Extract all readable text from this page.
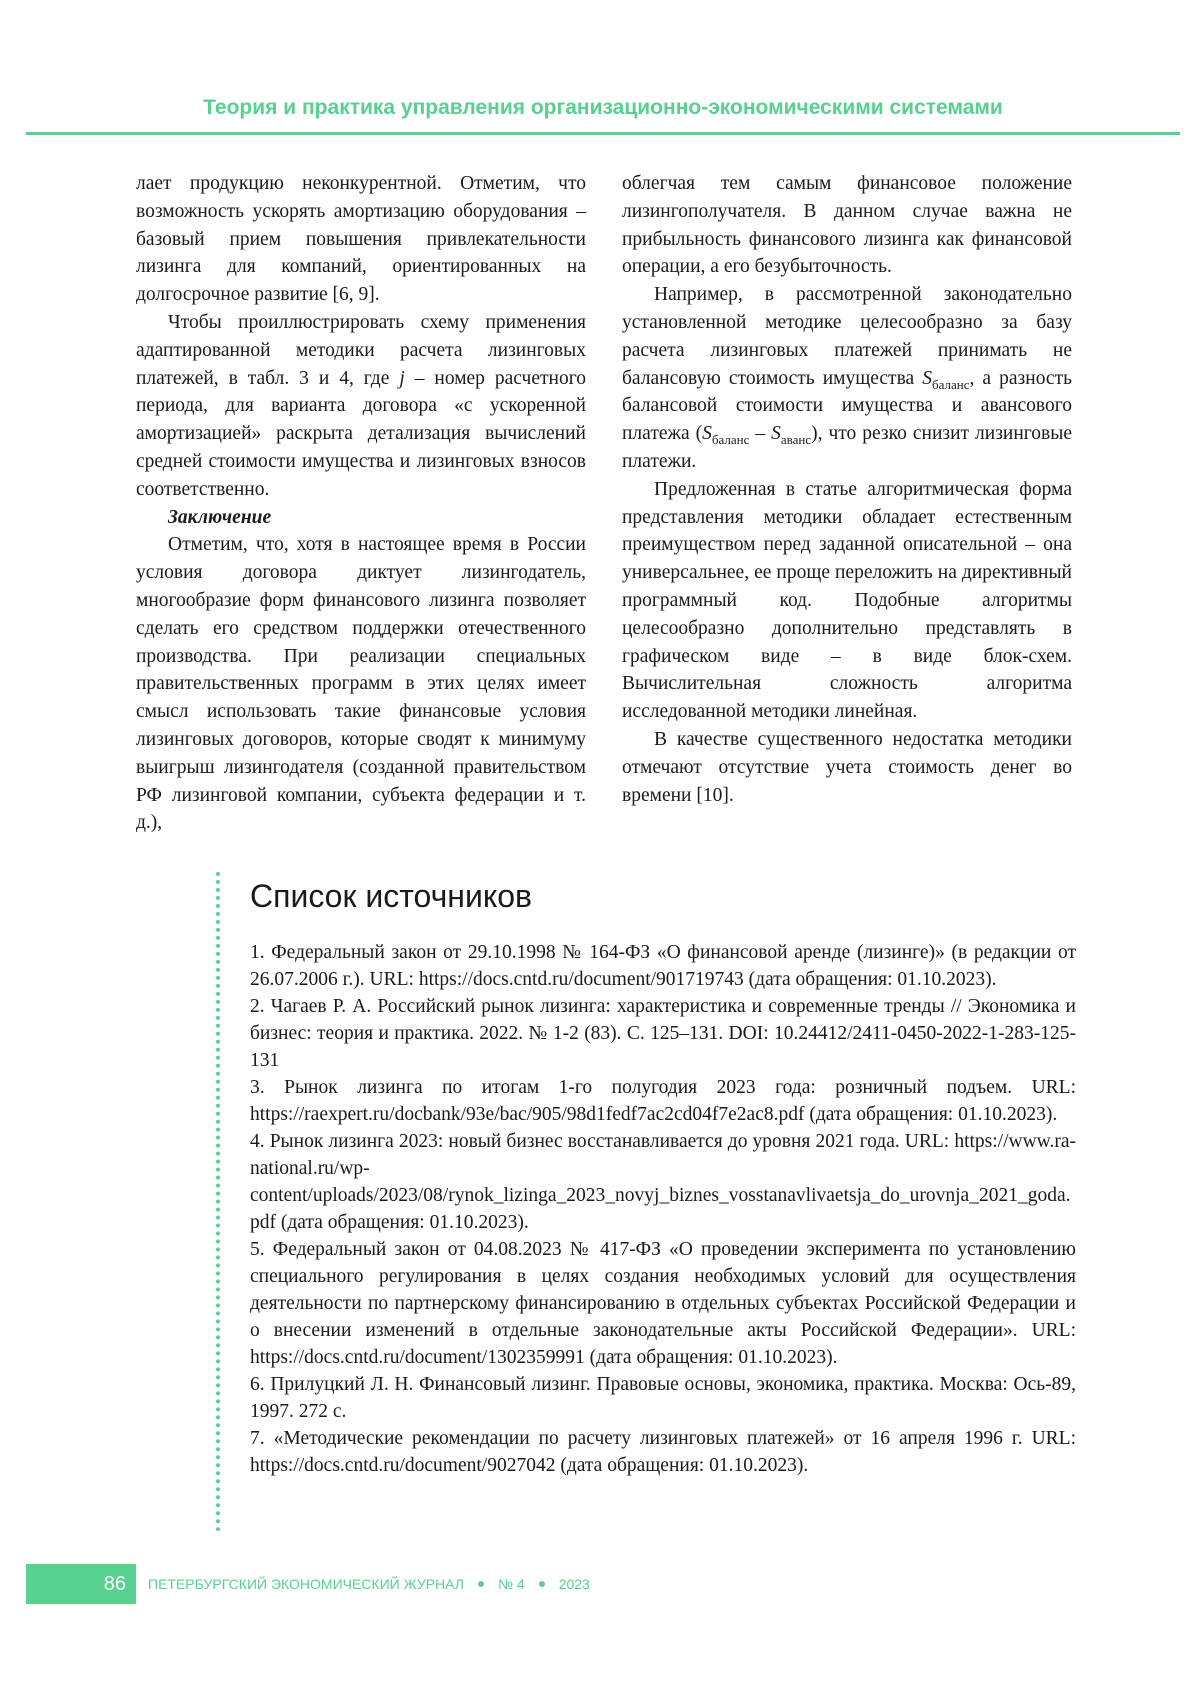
Теория и практика управления организационно-экономическими системами

лает продукцию неконкурентной. Отметим, что возможность ускорять амортизацию оборудования – базовый прием повышения привлекательности лизинга для компаний, ориентированных на долгосрочное развитие [6, 9].

Чтобы проиллюстрировать схему применения адаптированной методики расчета лизинговых платежей, в табл. 3 и 4, где j – номер расчетного периода, для варианта договора «с ускоренной амортизацией» раскрыта детализация вычислений средней стоимости имущества и лизинговых взносов соответственно.

Заключение

Отметим, что, хотя в настоящее время в России условия договора диктует лизингодатель, многообразие форм финансового лизинга позволяет сделать его средством поддержки отечественного производства. При реализации специальных правительственных программ в этих целях имеет смысл использовать такие финансовые условия лизинговых договоров, которые сводят к минимуму выигрыш лизингодателя (созданной правительством РФ лизинговой компании, субъекта федерации и т. д.),

облегчая тем самым финансовое положение лизингополучателя. В данном случае важна не прибыльность финансового лизинга как финансовой операции, а его безубыточность.

Например, в рассмотренной законодательно установленной методике целесообразно за базу расчета лизинговых платежей принимать не балансовую стоимость имущества $S_{баланс}$, а разность балансовой стоимости имущества и авансового платежа $(S_{баланс} - S_{аванс})$, что резко снизит лизинговые платежи.

Предложенная в статье алгоритмическая форма представления методики обладает естественным преимуществом перед заданной описательной – она универсальнее, ее проще переложить на директивный программный код. Подобные алгоритмы целесообразно дополнительно представлять в графическом виде – в виде блок-схем. Вычислительная сложность алгоритма исследованной методики линейная.

В качестве существенного недостатка методики отмечают отсутствие учета стоимость денег во времени [10].

Список источников

1. Федеральный закон от 29.10.1998 № 164-ФЗ «О финансовой аренде (лизинге)» (в редакции от 26.07.2006 г.). URL: https://docs.cntd.ru/document/901719743 (дата обращения: 01.10.2023).

2. Чагаев Р. А. Российский рынок лизинга: характеристика и современные тренды // Экономика и бизнес: теория и практика. 2022. № 1-2 (83). С. 125–131. DOI: 10.24412/2411-0450-2022-1-283-125-131

3. Рынок лизинга по итогам 1-го полугодия 2023 года: розничный подъем. URL: https://raexpert.ru/docbank/93e/bac/905/98d1fedf7ac2cd04f7e2ac8.pdf (дата обращения: 01.10.2023).

4. Рынок лизинга 2023: новый бизнес восстанавливается до уровня 2021 года. URL: https://www.ra-national.ru/wp-content/uploads/2023/08/rynok_lizinga_2023_novyj_biznes_vosstanavlivaetsja_do_urovnja_2021_goda.pdf (дата обращения: 01.10.2023).

5. Федеральный закон от 04.08.2023 № 417-ФЗ «О проведении эксперимента по установлению специального регулирования в целях создания необходимых условий для осуществления деятельности по партнерскому финансированию в отдельных субъектах Российской Федерации и о внесении изменений в отдельные законодательные акты Российской Федерации». URL: https://docs.cntd.ru/document/1302359991 (дата обращения: 01.10.2023).

6. Прилуцкий Л. Н. Финансовый лизинг. Правовые основы, экономика, практика. Москва: Ось-89, 1997. 272 с.

7. «Методические рекомендации по расчету лизинговых платежей» от 16 апреля 1996 г. URL: https://docs.cntd.ru/document/9027042 (дата обращения: 01.10.2023).

86	ПЕТЕРБУРГСКИЙ ЭКОНОМИЧЕСКИЙ ЖУРНАЛ № 4 2023
